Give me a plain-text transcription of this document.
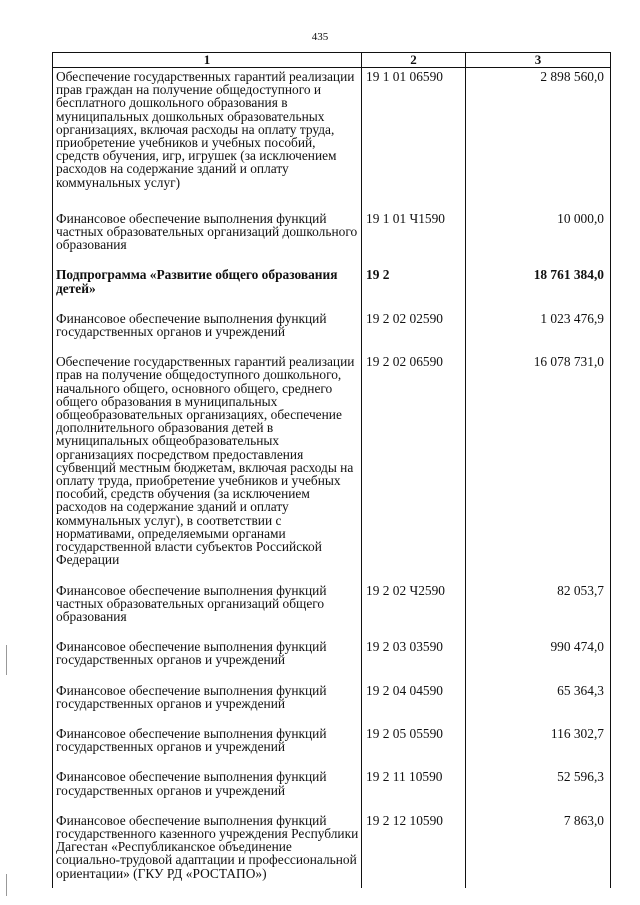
435
1	2	3
Обеспечение государственных гарантий реализации прав граждан на получение общедоступного и бесплатного дошкольного образования в муниципальных дошкольных образовательных организациях, включая расходы на оплату труда, приобретение учебников и учебных пособий, средств обучения, игр, игрушек (за исключением расходов на содержание зданий и оплату коммунальных услуг)	19 1 01 06590	2 898 560,0
Финансовое обеспечение выполнения функций частных образовательных организаций дошкольного образования	19 1 01 Ч1590	10 000,0
Подпрограмма «Развитие общего образования детей»	19 2	18 761 384,0
Финансовое обеспечение выполнения функций государственных органов и учреждений	19 2 02 02590	1 023 476,9
Обеспечение государственных гарантий реализации прав на получение общедоступного дошкольного, начального общего, основного общего, среднего общего образования в муниципальных общеобразовательных организациях, обеспечение дополнительного образования детей в муниципальных общеобразовательных организациях посредством предоставления субвенций местным бюджетам, включая расходы на оплату труда, приобретение учебников и учебных пособий, средств обучения (за исключением расходов на содержание зданий и оплату коммунальных услуг), в соответствии с нормативами, определяемыми органами государственной власти субъектов Российской Федерации	19 2 02 06590	16 078 731,0
Финансовое обеспечение выполнения функций частных образовательных организаций общего образования	19 2 02 Ч2590	82 053,7
Финансовое обеспечение выполнения функций государственных органов и учреждений	19 2 03 03590	990 474,0
Финансовое обеспечение выполнения функций государственных органов и учреждений	19 2 04 04590	65 364,3
Финансовое обеспечение выполнения функций государственных органов и учреждений	19 2 05 05590	116 302,7
Финансовое обеспечение выполнения функций государственных органов и учреждений	19 2 11 10590	52 596,3
Финансовое обеспечение выполнения функций государственного казенного учреждения Республики Дагестан «Республиканское объединение социально-трудовой адаптации и профессиональной ориентации» (ГКУ РД «РОСТАПО»)	19 2 12 10590	7 863,0
